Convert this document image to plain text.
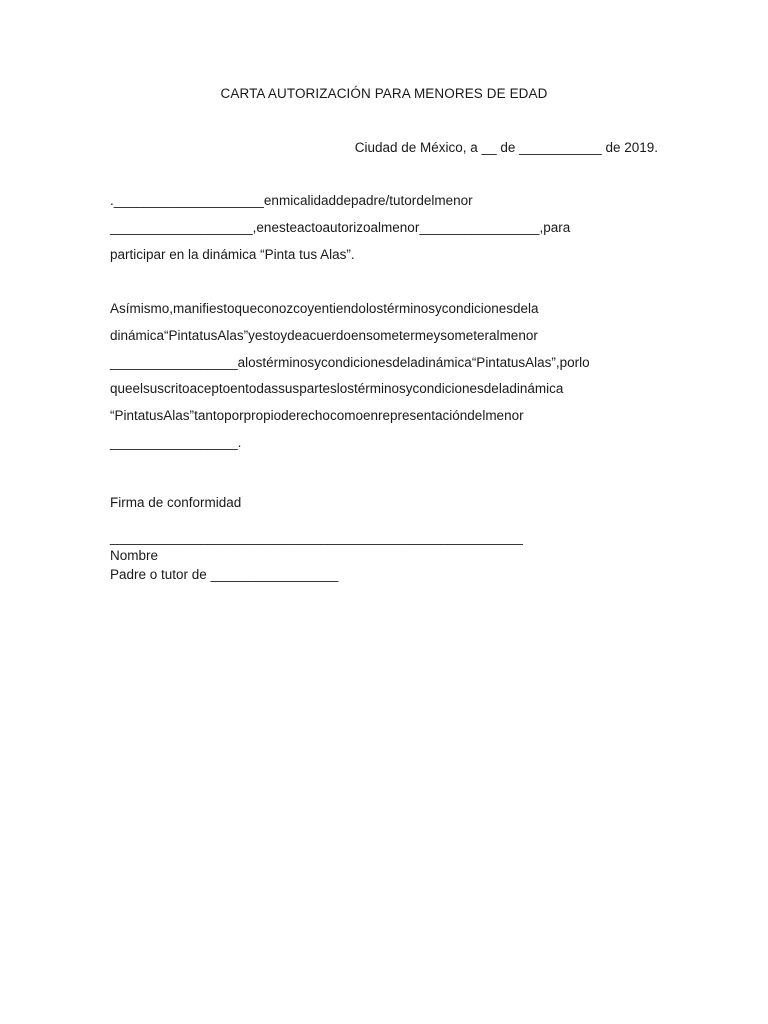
CARTA AUTORIZACIÓN PARA MENORES DE EDAD
Ciudad de México, a __ de ___________ de 2019.
.____________________enmicalidaddepadre/tutordelmenor
___________________,enesteactoautorizoalmenor________________,para
participar en la dinámica “Pinta tus Alas”.
Asímismo,manifiestoqueconozcoyentiendolostérminosycondicionesdela
dinámica“PintatusAlas”yestoydeacuerdoensometermeysometeralmenor
_________________alostérminosycondicionesdeladinámica“PintatusAlas”,porlo
queelsuscritoaceptoentodassusparteslostérminosycondicionesdeladinámica
“PintatusAlas”tantoporpropioderechocomoenrepresentacióndelmenor
_________________.
Firma de conformidad
_______________________________________________________
Nombre
Padre o tutor de _________________
